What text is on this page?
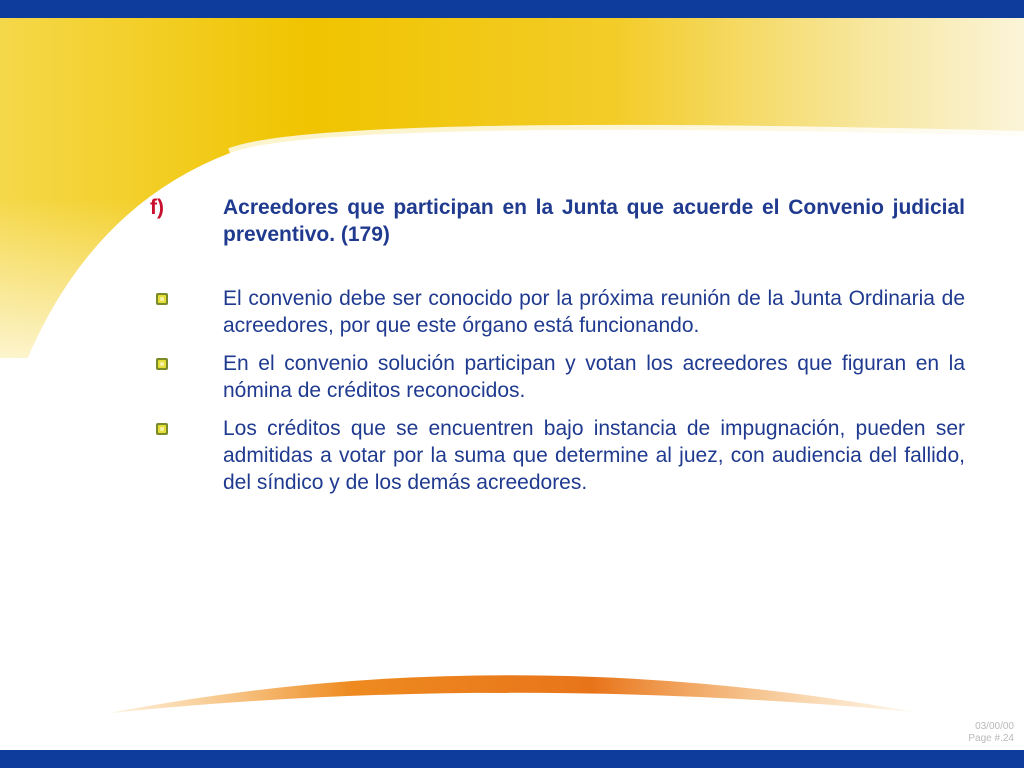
f)	Acreedores que participan en la Junta que acuerde el Convenio judicial preventivo. (179)
El convenio debe ser conocido por la próxima reunión de la Junta Ordinaria de acreedores, por que este órgano está funcionando.
En el convenio solución participan y votan los acreedores que figuran en la nómina de créditos reconocidos.
Los créditos que se encuentren bajo instancia de impugnación, pueden ser admitidas a votar por la suma que determine al juez, con audiencia del fallido, del síndico y de los demás acreedores.
03/00/00
Page #.24
